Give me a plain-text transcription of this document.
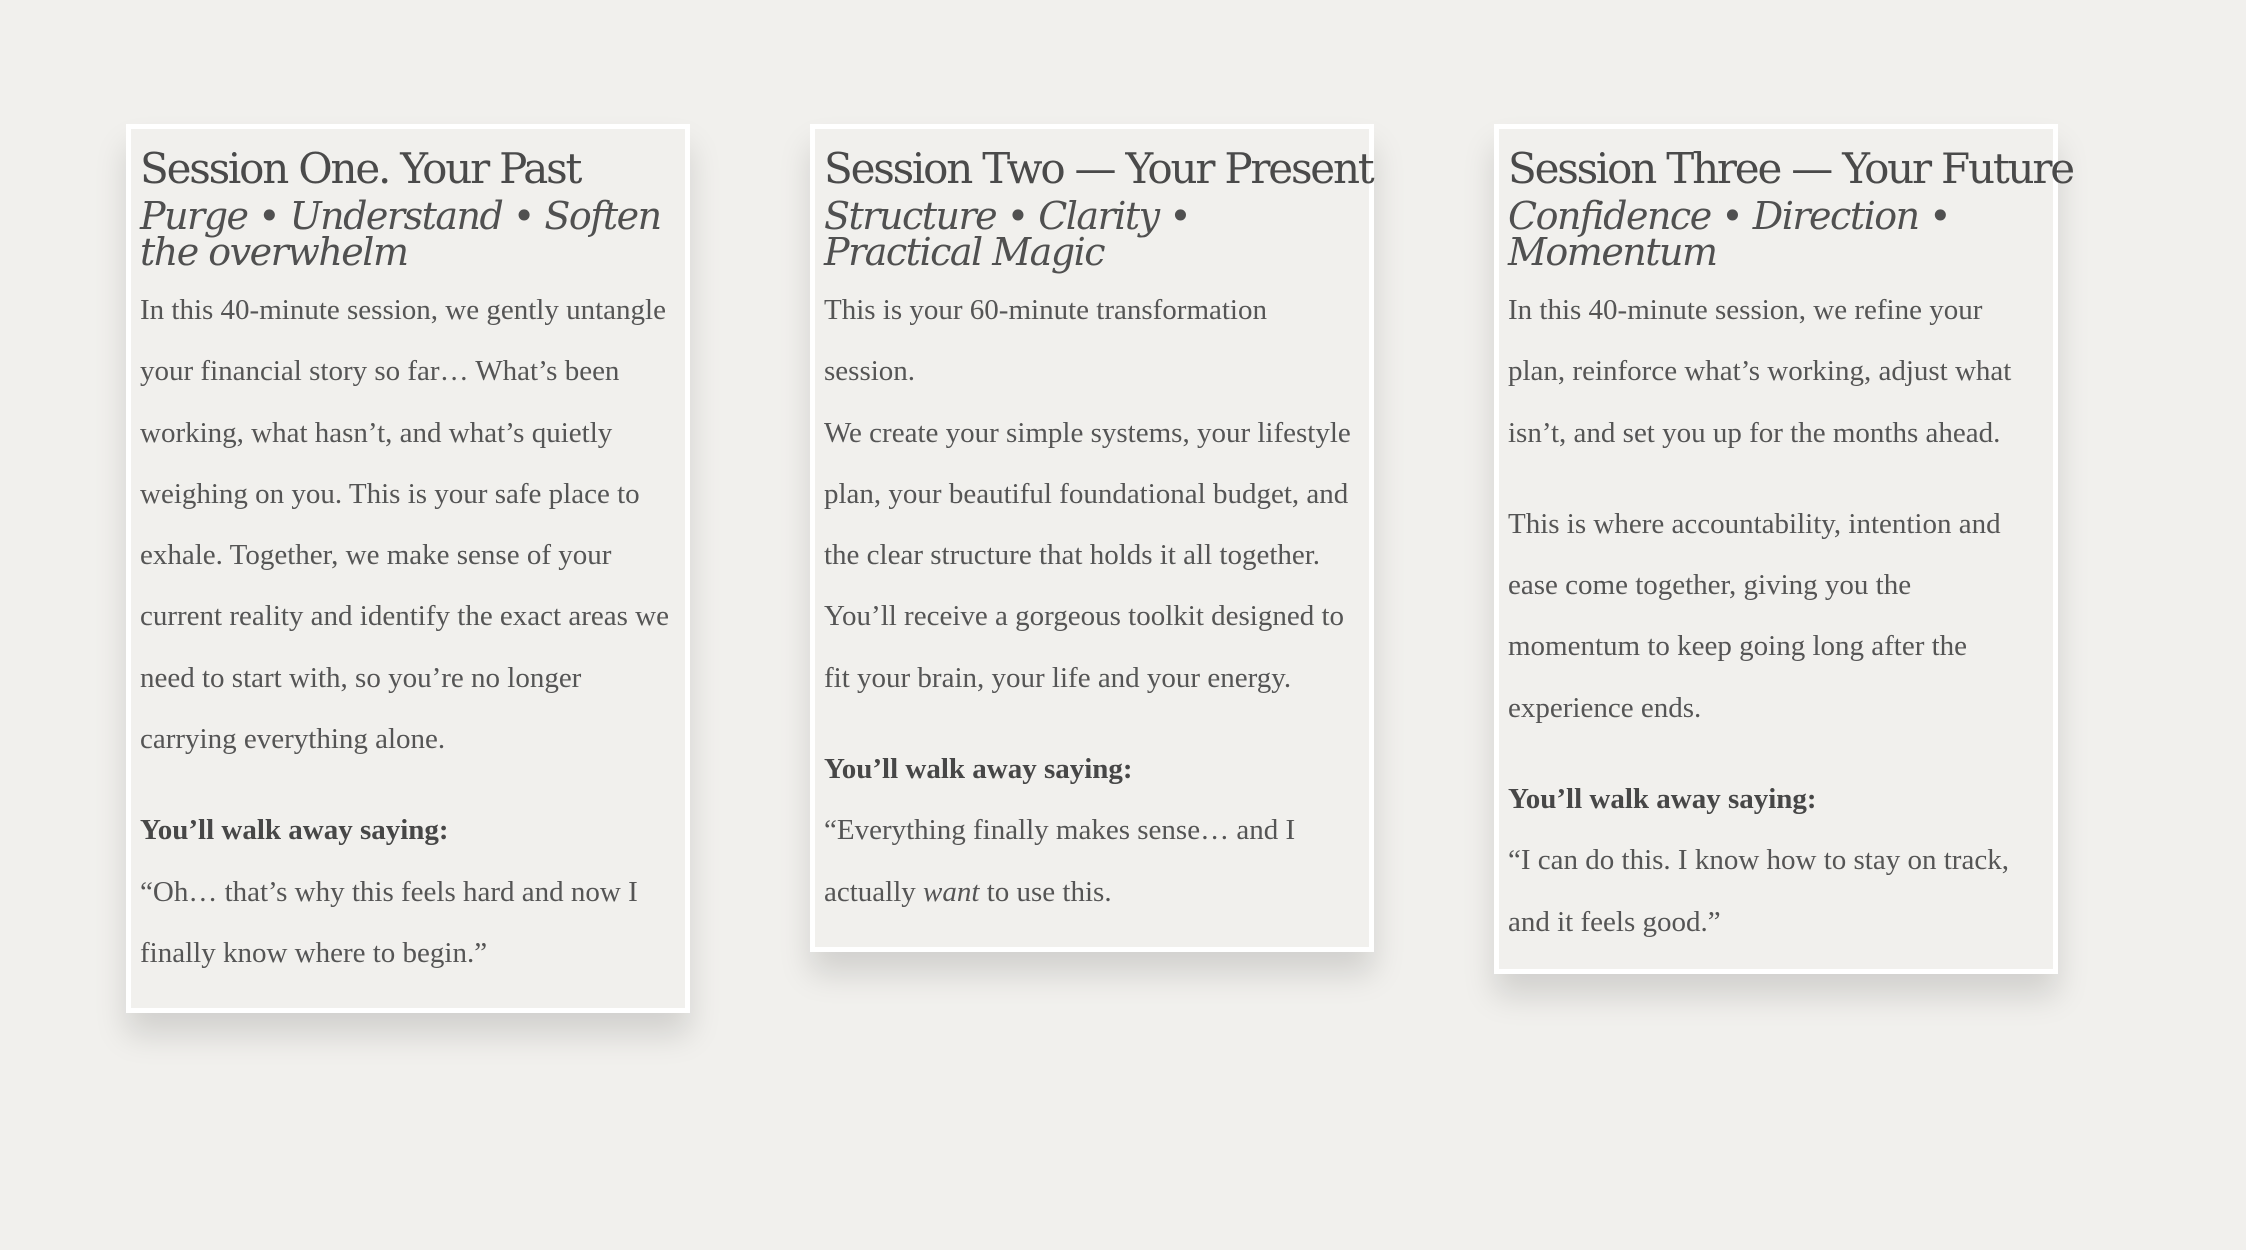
Session One. Your Past
Purge • Understand • Soften the overwhelm

In this 40-minute session, we gently untangle your financial story so far… What’s been working, what hasn’t, and what’s quietly weighing on you. This is your safe place to exhale. Together, we make sense of your current reality and identify the exact areas we need to start with, so you’re no longer carrying everything alone.

You’ll walk away saying:

“Oh… that’s why this feels hard and now I finally know where to begin.”

Session Two — Your Present
Structure • Clarity • Practical Magic

This is your 60-minute transformation session.

We create your simple systems, your lifestyle plan, your beautiful foundational budget, and the clear structure that holds it all together. You’ll receive a gorgeous toolkit designed to fit your brain, your life and your energy.

You’ll walk away saying:

“Everything finally makes sense… and I actually want to use this.

Session Three — Your Future
Confidence • Direction • Momentum

In this 40-minute session, we refine your plan, reinforce what’s working, adjust what isn’t, and set you up for the months ahead.

This is where accountability, intention and ease come together, giving you the momentum to keep going long after the experience ends.

You’ll walk away saying:

“I can do this. I know how to stay on track, and it feels good.”
